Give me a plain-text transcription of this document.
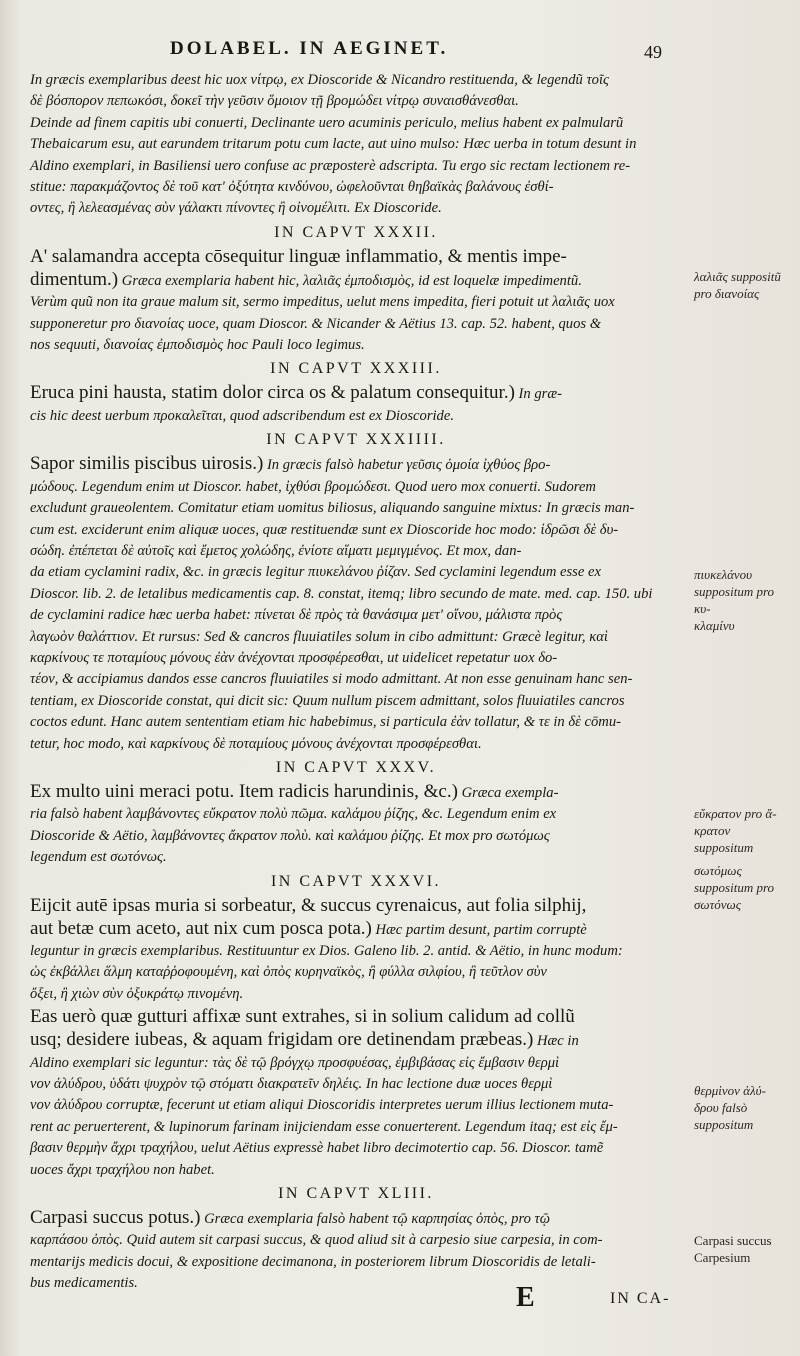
DOLABEL. IN AEGINET.	49
In græcis exemplaribus deest hic uox νίτρῳ, ex Dioscoride & Nicandro restituenda, & legendũ τοῖς
δὲ βόσπορον πεπωκόσι, δοκεῖ τὴν γεῦσιν ὅμοιον τῇ βρομώδει νίτρῳ συναισθάνεσθαι.
Deinde ad finem capitis ubi conuerti, Declinante uero acuminis periculo, melius habent ex palmularũ
Thebaicarum esu, aut earundem tritarum potu cum lacte, aut uino mulso: Hæc uerba in totum desunt in
Aldino exemplari, in Basiliensi uero confuse ac præposterè adscripta. Tu ergo sic rectam lectionem re-
stitue: παρακμάζοντος δὲ τοῦ κατ' ὀξύτητα κινδύνου, ὠφελοῦνται θηβαϊκὰς βαλάνους ἐσθί-
οντες, ἢ λελεασμένας σὺν γάλακτι πίνοντες ἢ οἰνομέλιτι. Ex Dioscoride.
IN CAPVT XXXII.
A' salamandra accepta cōsequitur linguæ inflammatio, & mentis impe-
dimentum.) Græca exemplaria habent hic, λαλιᾶς ἐμποδισμὸς, id est loquelæ impedimentũ.
Verùm quũ non ita graue malum sit, sermo impeditus, uelut mens impedita, fieri potuit ut λαλιᾶς uox
supponeretur pro διανοίας uoce, quam Dioscor. & Nicander & Aëtius 13. cap. 52. habent, quos &
nos sequuti, διανοίας ἐμποδισμὸς hoc Pauli loco legimus.
IN CAPVT XXXIII.
Eruca pini hausta, statim dolor circa os & palatum consequitur.) In græ-
cis hic deest uerbum προκαλεῖται, quod adscribendum est ex Dioscoride.
IN CAPVT XXXIIII.
Sapor similis piscibus uirosis.) In græcis falsò habetur γεῦσις ὁμοία ἰχθύος βρο-
μώδους. Legendum enim ut Dioscor. habet, ἰχθύσι βρομώδεσι. Quod uero mox conuerti. Sudorem
excludunt graueolentem. Comitatur etiam uomitus biliosus, aliquando sanguine mixtus: In græcis man-
cum est. exciderunt enim aliquæ uoces, quæ restituendæ sunt ex Dioscoride hoc modo: ἱδρῶσι δὲ δυ-
σώδη. ἐπέπεται δὲ αὐτοῖς καὶ ἔμετος χολώδης, ἐνίοτε αἵματι μεμιγμένος. Et mox, dan-
da etiam cyclamini radix, &c. in græcis legitur πιυκελάνου ῥίζαν. Sed cyclamini legendum esse ex
Dioscor. lib. 2. de letalibus medicamentis cap. 8. constat, itemq; libro secundo de mate. med. cap. 150. ubi
de cyclamini radice hæc uerba habet: πίνεται δὲ πρὸς τὰ θανάσιμα μετ' οἴνου, μάλιστα πρὸς
λαγωὸν θαλάττιον. Et rursus: Sed & cancros fluuiatiles solum in cibo admittunt: Græcè legitur, καὶ
καρκίνους τε ποταμίους μόνους ἐὰν ἀνέχονται προσφέρεσθαι, ut uidelicet repetatur uox δο-
τέον, & accipiamus dandos esse cancros fluuiatiles si modo admittant. At non esse genuinam hanc sen-
tentiam, ex Dioscoride constat, qui dicit sic: Quum nullum piscem admittant, solos fluuiatiles cancros
coctos edunt. Hanc autem sententiam etiam hic habebimus, si particula ἐὰν tollatur, & τε in δὲ cōmu-
tetur, hoc modo, καὶ καρκίνους δὲ ποταμίους μόνους ἀνέχονται προσφέρεσθαι.
IN CAPVT XXXV.
Ex multo uini meraci potu. Item radicis harundinis, &c.) Græca exempla-
ria falsò habent λαμβάνοντες εὔκρατον πολὺ πῶμα. καλάμου ῥίζης, &c. Legendum enim ex
Dioscoride & Aëtio, λαμβάνοντες ἄκρατον πολὺ. καὶ καλάμου ῥίζης. Et mox pro σωτόμως
legendum est σωτόνως.
IN CAPVT XXXVI.
Eijcit autē ipsas muria si sorbeatur, & succus cyrenaicus, aut folia silphij,
aut betæ cum aceto, aut nix cum posca pota.) Hæc partim desunt, partim corruptè
leguntur in græcis exemplaribus. Restituuntur ex Dios. Galeno lib. 2. antid. & Aëtio, in hunc modum:
ὡς ἐκβάλλει ἅλμη καταῤῥοφουμένη, καὶ ὀπὸς κυρηναϊκὸς, ἢ φύλλα σιλφίου, ἢ τεῦτλον σὺν
ὄξει, ἢ χιὼν σὺν ὀξυκράτῳ πινομένη.
Eas uerò quæ gutturi affixæ sunt extrahes, si in solium calidum ad collũ
usq; desidere iubeas, & aquam frigidam ore detinendam præbeas.) Hæc in
Aldino exemplari sic leguntur: τὰς δὲ τῷ βρόγχῳ προσφυέσας, ἐμβιβάσας εἰς ἔμβασιν θερμὶ
νον ἀλύδρου, ὑδάτι ψυχρὸν τῷ στόματι διακρατεῖν δηλέις. In hac lectione duæ uoces θερμὶ
νον ἀλύδρου corruptæ, fecerunt ut etiam aliqui Dioscoridis interpretes uerum illius lectionem muta-
rent ac peruerterent, & lupinorum farinam inijciendam esse conuerterent. Legendum itaq; est εἰς ἔμ-
βασιν θερμὴν ἄχρι τραχήλου, uelut Aëtius expressè habet libro decimotertio cap. 56. Dioscor. tamẽ
uoces ἄχρι τραχήλου non habet.
IN CAPVT XLIII.
Carpasi succus potus.) Græca exemplaria falsò habent τῷ καρπησίας ὀπὸς, pro τῷ
καρπάσου ὀπὸς. Quid autem sit carpasi succus, & quod aliud sit à carpesio siue carpesia, in com-
mentarijs medicis docui, & expositione decimanona, in posteriorem librum Dioscoridis de letali-
bus medicamentis.
λαλιᾶς suppositũ pro διανοίας
πιυκελάνου suppositum pro κυ-
κλαμίνυ
εὔκρατον pro ἄ-
κρατον suppositum
σωτόμως suppositum pro σωτόνως
θερμὶνον ἀλύ-
δρου falsò suppositum
Carpasi succus
Carpesium
E	IN CA-
